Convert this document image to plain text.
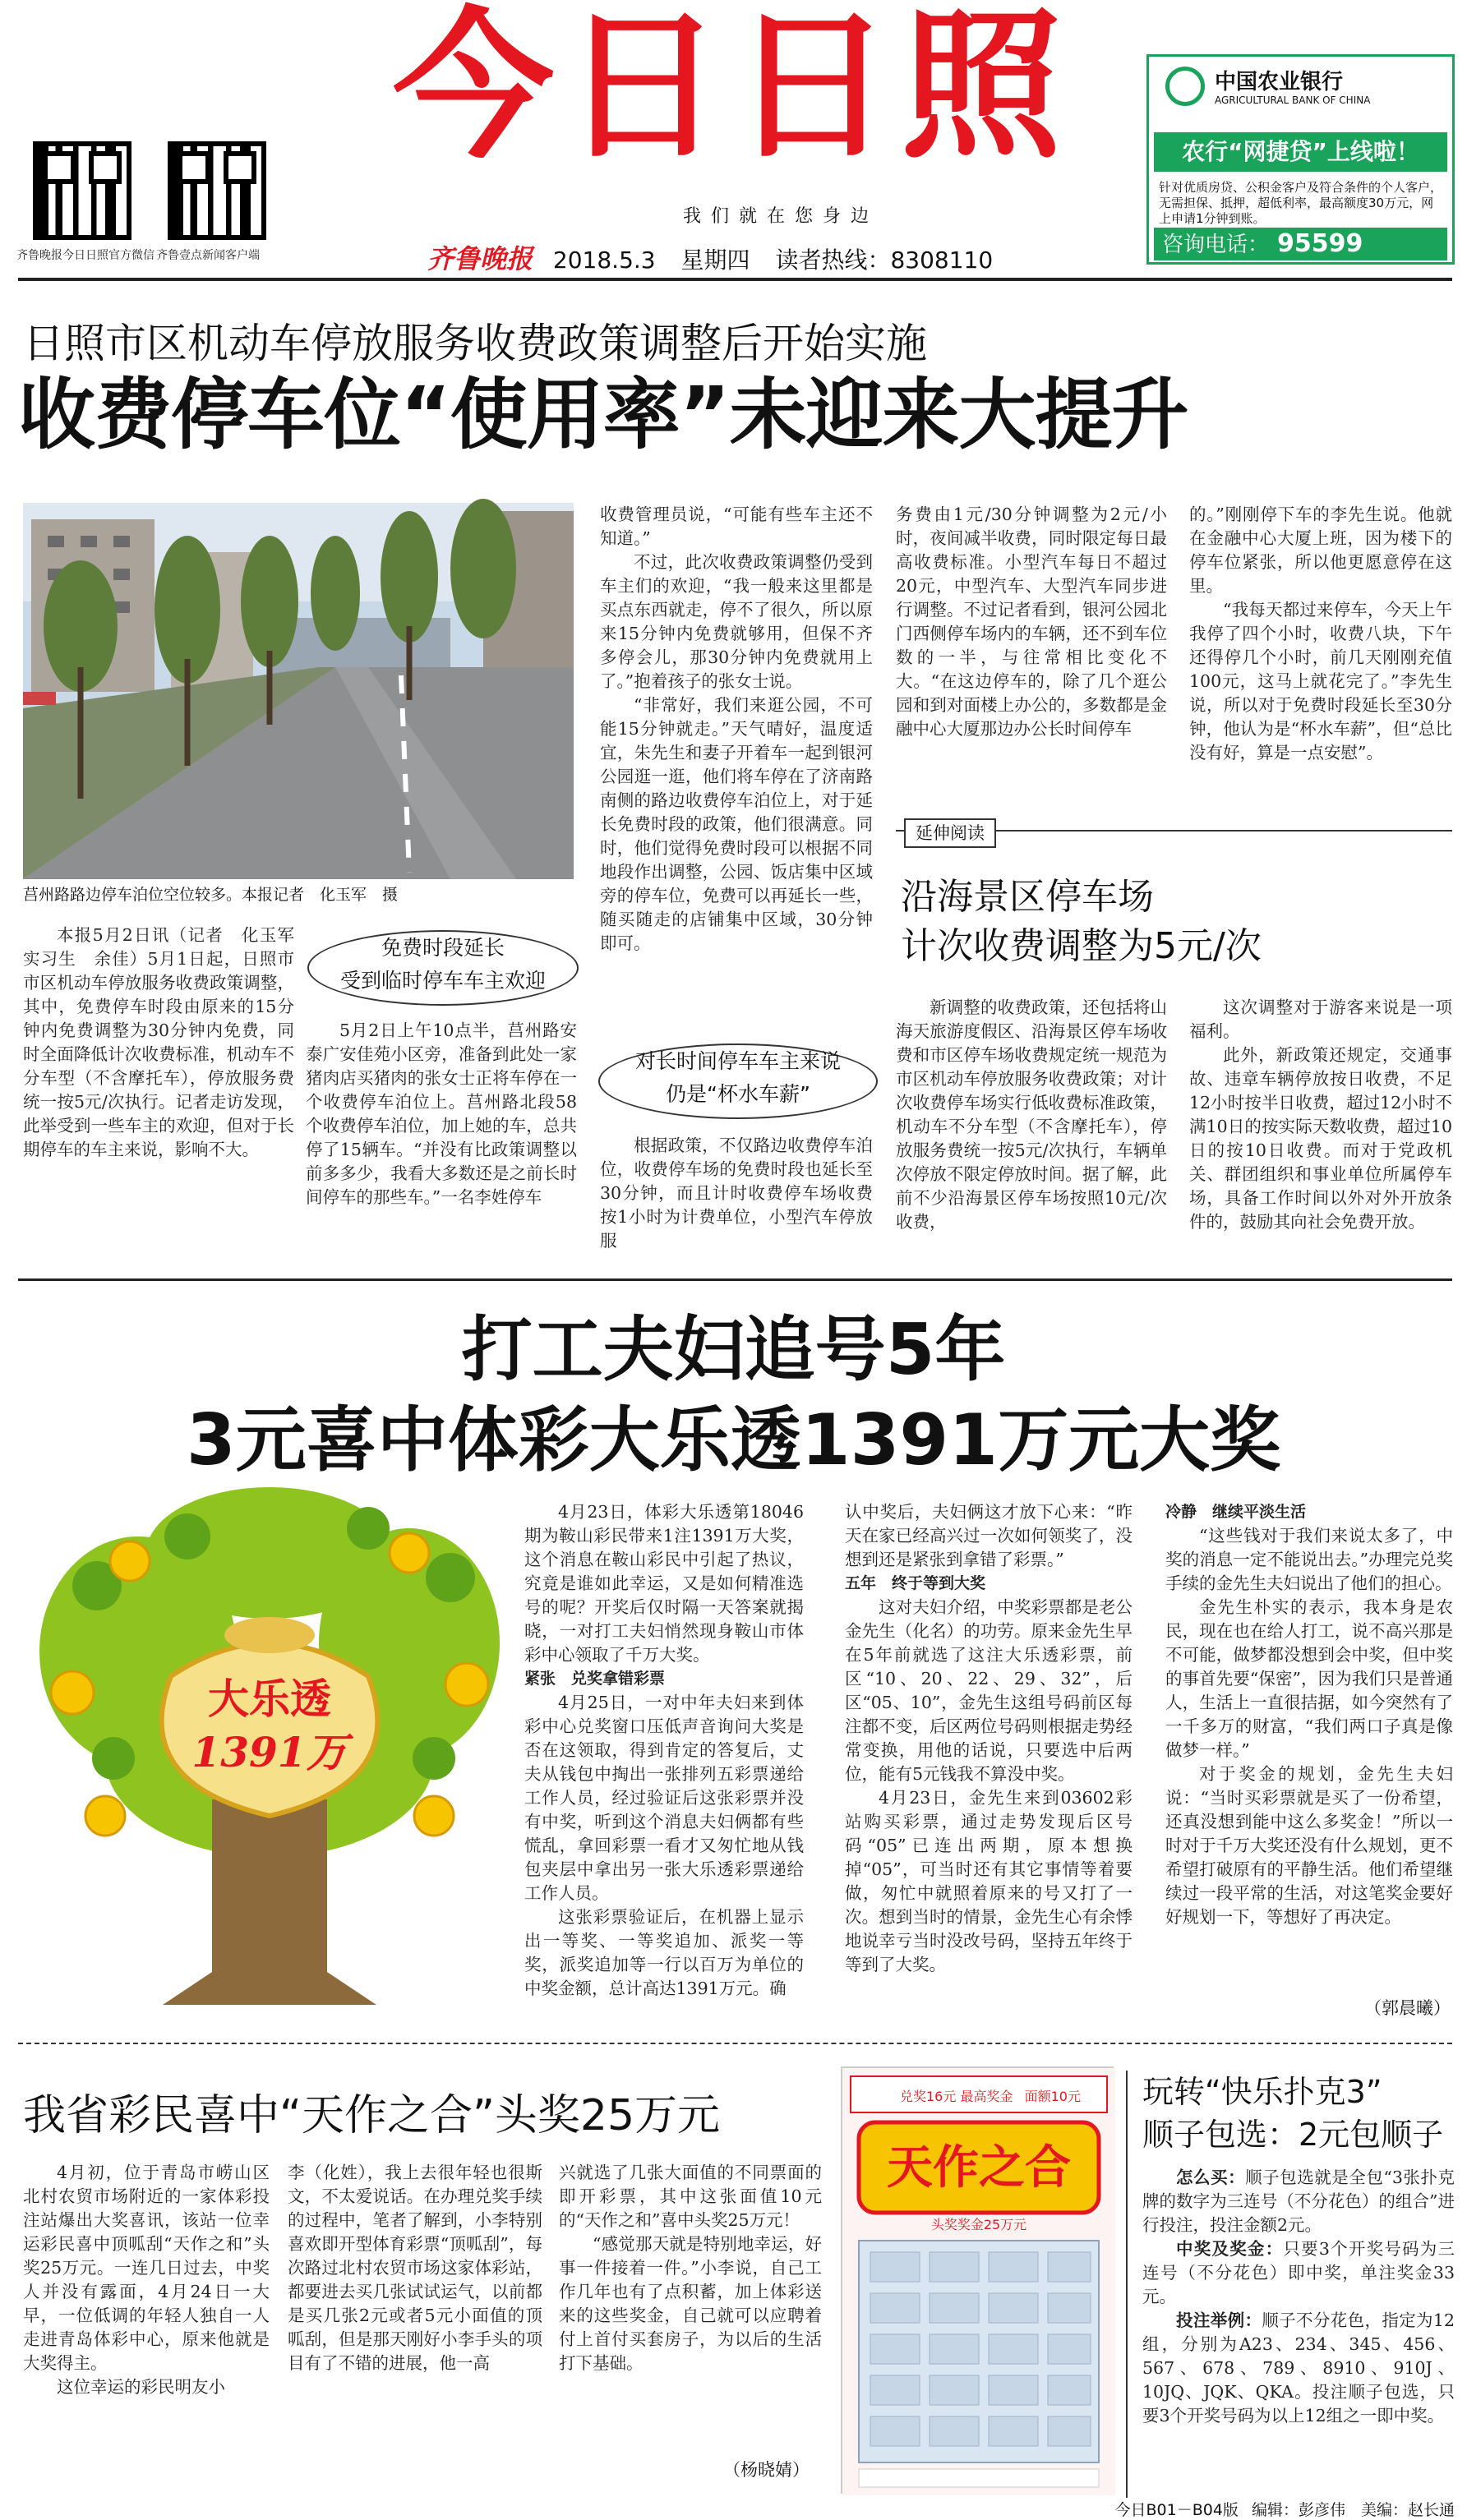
齐鲁晚报今日日照官方微信 齐鲁壹点新闻客户端
今日日照
我们就在您身边
齐鲁晚报 2018.5.3 星期四 读者热线：8308110
中国农业银行
AGRICULTURAL BANK OF CHINA
农行“网捷贷”上线啦！
针对优质房贷、公积金客户及符合条件的个人客户，无需担保、抵押，超低利率，最高额度30万元，网上申请1分钟到账。
咨询电话： 95599
日照市区机动车停放服务收费政策调整后开始实施
收费停车位“使用率”未迎来大提升
莒州路路边停车泊位空位较多。本报记者　化玉军　摄

本报5月2日讯（记者　化玉军　实习生　余佳）5月1日起，日照市市区机动车停放服务收费政策调整，其中，免费停车时段由原来的15分钟内免费调整为30分钟内免费，同时全面降低计次收费标准，机动车不分车型（不含摩托车），停放服务费统一按5元/次执行。记者走访发现，此举受到一些车主的欢迎，但对于长期停车的车主来说，影响不大。

免费时段延长
受到临时停车车主欢迎

5月2日上午10点半，莒州路安泰广安佳苑小区旁，准备到此处一家猪肉店买猪肉的张女士正将车停在一个收费停车泊位上。莒州路北段58个收费停车泊位，加上她的车，总共停了15辆车。“并没有比政策调整以前多多少，我看大多数还是之前长时间停车的那些车。”一名李姓停车

收费管理员说，“可能有些车主还不知道。”

不过，此次收费政策调整仍受到车主们的欢迎，“我一般来这里都是买点东西就走，停不了很久，所以原来15分钟内免费就够用，但保不齐多停会儿，那30分钟内免费就用上了。”抱着孩子的张女士说。

“非常好，我们来逛公园，不可能15分钟就走。”天气晴好，温度适宜，朱先生和妻子开着车一起到银河公园逛一逛，他们将车停在了济南路南侧的路边收费停车泊位上，对于延长免费时段的政策，他们很满意。同时，他们觉得免费时段可以根据不同地段作出调整，公园、饭店集中区域旁的停车位，免费可以再延长一些，随买随走的店铺集中区域，30分钟即可。

对长时间停车车主来说
仍是“杯水车薪”

根据政策，不仅路边收费停车泊位，收费停车场的免费时段也延长至30分钟，而且计时收费停车场收费按1小时为计费单位，小型汽车停放服

务费由1元/30分钟调整为2元/小时，夜间减半收费，同时限定每日最高收费标准。小型汽车每日不超过20元，中型汽车、大型汽车同步进行调整。不过记者看到，银河公园北门西侧停车场内的车辆，还不到车位数的一半，与往常相比变化不大。“在这边停车的，除了几个逛公园和到对面楼上办公的，多数都是金融中心大厦那边办公长时间停车

的。”刚刚停下车的李先生说。他就在金融中心大厦上班，因为楼下的停车位紧张，所以他更愿意停在这里。

“我每天都过来停车，今天上午我停了四个小时，收费八块，下午还得停几个小时，前几天刚刚充值100元，这马上就花完了。”李先生说，所以对于免费时段延长至30分钟，他认为是“杯水车薪”，但“总比没有好，算是一点安慰”。

延伸阅读
沿海景区停车场
计次收费调整为5元/次

新调整的收费政策，还包括将山海天旅游度假区、沿海景区停车场收费和市区停车场收费规定统一规范为市区机动车停放服务收费政策；对计次收费停车场实行低收费标准政策，机动车不分车型（不含摩托车），停放服务费统一按5元/次执行，车辆单次停放不限定停放时间。据了解，此前不少沿海景区停车场按照10元/次收费，

这次调整对于游客来说是一项福利。

此外，新政策还规定，交通事故、违章车辆停放按日收费，不足12小时按半日收费，超过12小时不满10日的按实际天数收费，超过10日的按10日收费。而对于党政机关、群团组织和事业单位所属停车场，具备工作时间以外对外开放条件的，鼓励其向社会免费开放。

打工夫妇追号5年
3元喜中体彩大乐透1391万元大奖
大乐透
1391万

4月23日，体彩大乐透第18046期为鞍山彩民带来1注1391万大奖，这个消息在鞍山彩民中引起了热议，究竟是谁如此幸运，又是如何精准选号的呢？开奖后仅时隔一天答案就揭晓，一对打工夫妇悄然现身鞍山市体彩中心领取了千万大奖。

紧张　兑奖拿错彩票

4月25日，一对中年夫妇来到体彩中心兑奖窗口压低声音询问大奖是否在这领取，得到肯定的答复后，丈夫从钱包中掏出一张排列五彩票递给工作人员，经过验证后这张彩票并没有中奖，听到这个消息夫妇俩都有些慌乱，拿回彩票一看才又匆忙地从钱包夹层中拿出另一张大乐透彩票递给工作人员。

这张彩票验证后，在机器上显示出一等奖、一等奖追加、派奖一等奖，派奖追加等一行以百万为单位的中奖金额，总计高达1391万元。确

认中奖后，夫妇俩这才放下心来：“昨天在家已经高兴过一次如何领奖了，没想到还是紧张到拿错了彩票。”

五年　终于等到大奖

这对夫妇介绍，中奖彩票都是老公金先生（化名）的功劳。原来金先生早在5年前就选了这注大乐透彩票，前区“10、20、22、29、32”，后区“05、10”，金先生这组号码前区每注都不变，后区两位号码则根据走势经常变换，用他的话说，只要选中后两位，能有5元钱我不算没中奖。

4月23日，金先生来到03602彩站购买彩票，通过走势发现后区号码“05”已连出两期，原本想换掉“05”，可当时还有其它事情等着要做，匆忙中就照着原来的号又打了一次。想到当时的情景，金先生心有余悸地说幸亏当时没改号码，坚持五年终于等到了大奖。

冷静　继续平淡生活

“这些钱对于我们来说太多了，中奖的消息一定不能说出去。”办理完兑奖手续的金先生夫妇说出了他们的担心。

金先生朴实的表示，我本身是农民，现在也在给人打工，说不高兴那是不可能，做梦都没想到会中奖，但中奖的事首先要“保密”，因为我们只是普通人，生活上一直很拮据，如今突然有了一千多万的财富，“我们两口子真是像做梦一样。”

对于奖金的规划，金先生夫妇说：“当时买彩票就是买了一份希望，还真没想到能中这么多奖金！”所以一时对于千万大奖还没有什么规划，更不希望打破原有的平静生活。他们希望继续过一段平常的生活，对这笔奖金要好好规划一下，等想好了再决定。

（郭晨曦）
我省彩民喜中“天作之合”头奖25万元

4月初，位于青岛市崂山区北村农贸市场附近的一家体彩投注站爆出大奖喜讯，该站一位幸运彩民喜中顶呱刮“天作之和”头奖25万元。一连几日过去，中奖人并没有露面，4月24日一大早，一位低调的年轻人独自一人走进青岛体彩中心，原来他就是大奖得主。

这位幸运的彩民明友小

李（化姓），我上去很年轻也很斯文，不太爱说话。在办理兑奖手续的过程中，笔者了解到，小李特别喜欢即开型体育彩票“顶呱刮”，每次路过北村农贸市场这家体彩站，都要进去买几张试试运气，以前都是买几张2元或者5元小面值的顶呱刮，但是那天刚好小李手头的项目有了不错的进展，他一高

兴就选了几张大面值的不同票面的即开彩票，其中这张面值10元的“天作之和”喜中头奖25万元！

“感觉那天就是特别地幸运，好事一件接着一件。”小李说，自己工作几年也有了点积蓄，加上体彩送来的这些奖金，自己就可以应聘着付上首付买套房子，为以后的生活打下基础。

（杨晓婧）
兑奖16元 最高奖金 面额10元
天作之合
头奖奖金25万元
玩转“快乐扑克3”
顺子包选：2元包顺子

怎么买：顺子包选就是全包“3张扑克牌的数字为三连号（不分花色）的组合”进行投注，投注金额2元。

中奖及奖金：只要3个开奖号码为三连号（不分花色）即中奖，单注奖金33元。

投注举例：顺子不分花色，指定为12组，分别为A23、234、345、456、567、678、789、8910、910J、10JQ、JQK、QKA。投注顺子包选，只要3个开奖号码为以上12组之一即中奖。

今日B01－B04版 编辑：彭彦伟　美编：赵长通
